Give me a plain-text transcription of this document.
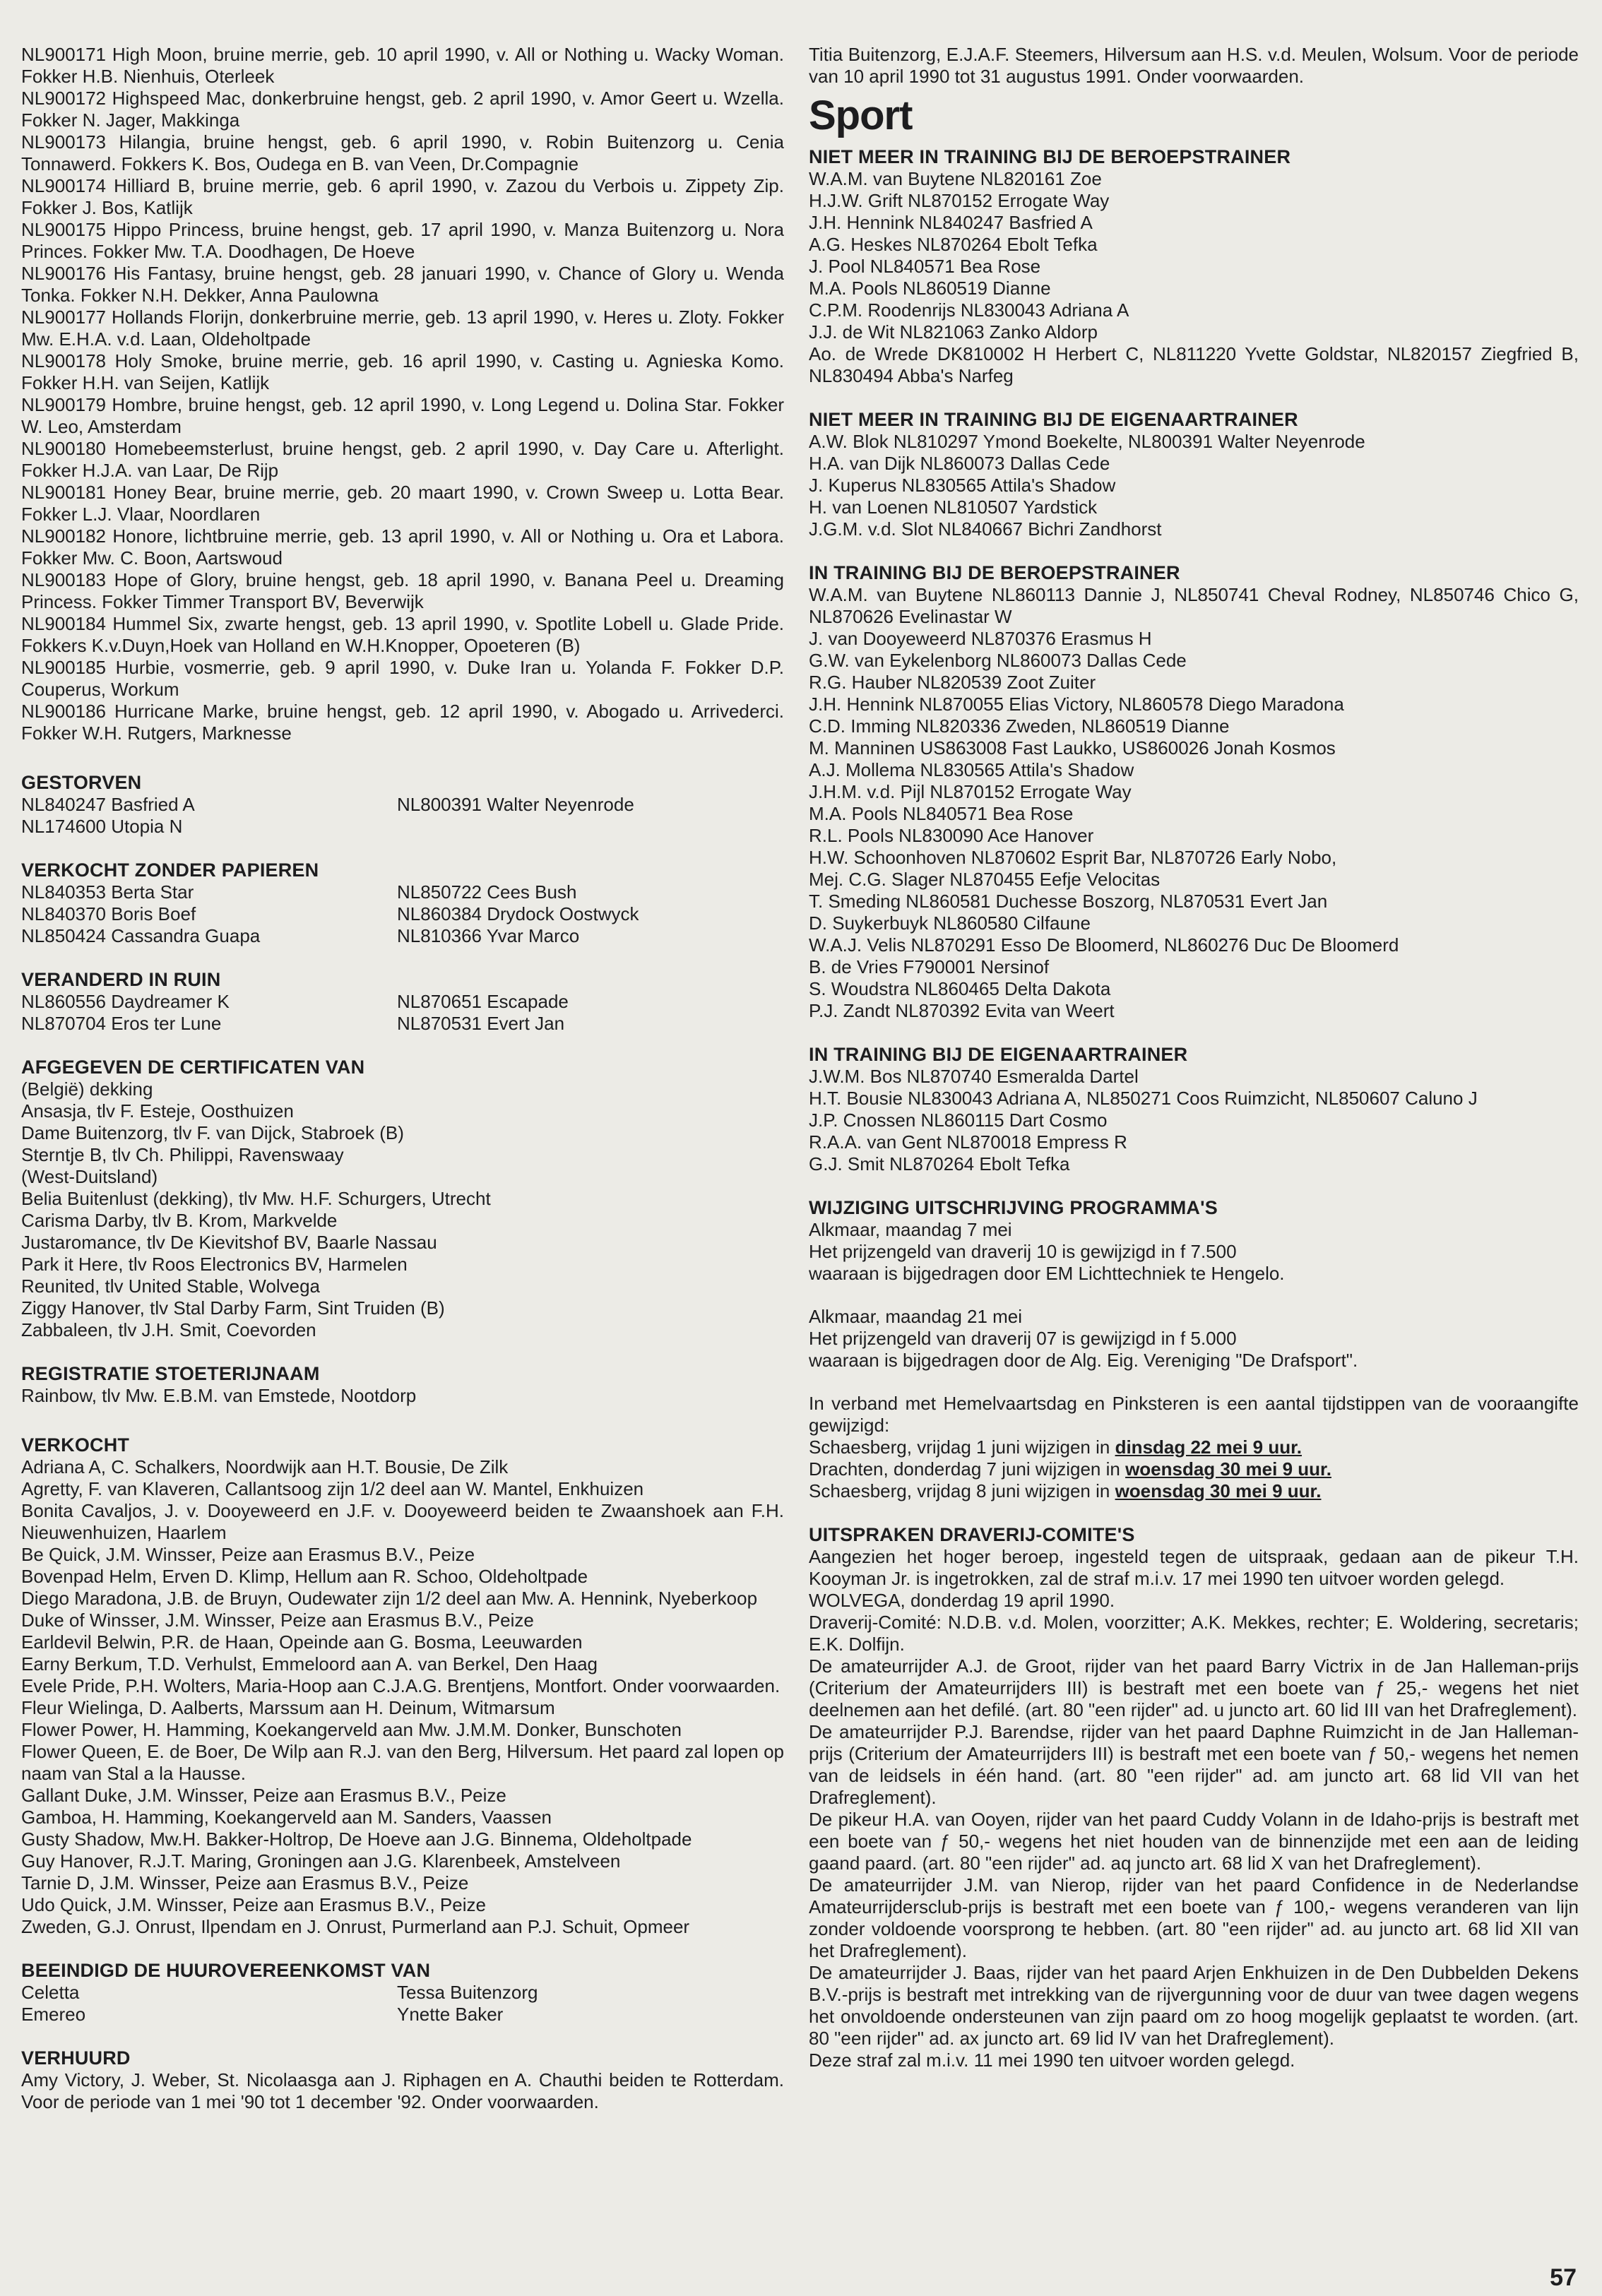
NL900171 High Moon, bruine merrie, geb. 10 april 1990, v. All or Nothing u. Wacky Woman. Fokker H.B. Nienhuis, Oterleek

NL900172 Highspeed Mac, donkerbruine hengst, geb. 2 april 1990, v. Amor Geert u. Wzella. Fokker N. Jager, Makkinga

NL900173 Hilangia, bruine hengst, geb. 6 april 1990, v. Robin Buitenzorg u. Cenia Tonnawerd. Fokkers K. Bos, Oudega en B. van Veen, Dr.Compagnie

NL900174 Hilliard B, bruine merrie, geb. 6 april 1990, v. Zazou du Verbois u. Zippety Zip. Fokker J. Bos, Katlijk

NL900175 Hippo Princess, bruine hengst, geb. 17 april 1990, v. Manza Buitenzorg u. Nora Princes. Fokker Mw. T.A. Doodhagen, De Hoeve

NL900176 His Fantasy, bruine hengst, geb. 28 januari 1990, v. Chance of Glory u. Wenda Tonka. Fokker N.H. Dekker, Anna Paulowna

NL900177 Hollands Florijn, donkerbruine merrie, geb. 13 april 1990, v. Heres u. Zloty. Fokker Mw. E.H.A. v.d. Laan, Oldeholtpade

NL900178 Holy Smoke, bruine merrie, geb. 16 april 1990, v. Casting u. Agnieska Komo. Fokker H.H. van Seijen, Katlijk

NL900179 Hombre, bruine hengst, geb. 12 april 1990, v. Long Legend u. Dolina Star. Fokker W. Leo, Amsterdam

NL900180 Homebeemsterlust, bruine hengst, geb. 2 april 1990, v. Day Care u. Afterlight. Fokker H.J.A. van Laar, De Rijp

NL900181 Honey Bear, bruine merrie, geb. 20 maart 1990, v. Crown Sweep u. Lotta Bear. Fokker L.J. Vlaar, Noordlaren

NL900182 Honore, lichtbruine merrie, geb. 13 april 1990, v. All or Nothing u. Ora et Labora. Fokker Mw. C. Boon, Aartswoud

NL900183 Hope of Glory, bruine hengst, geb. 18 april 1990, v. Banana Peel u. Dreaming Princess. Fokker Timmer Transport BV, Beverwijk

NL900184 Hummel Six, zwarte hengst, geb. 13 april 1990, v. Spotlite Lobell u. Glade Pride. Fokkers K.v.Duyn,Hoek van Holland en W.H.Knopper, Opoeteren (B)

NL900185 Hurbie, vosmerrie, geb. 9 april 1990, v. Duke Iran u. Yolanda F. Fokker D.P. Couperus, Workum

NL900186 Hurricane Marke, bruine hengst, geb. 12 april 1990, v. Abogado u. Arrivederci. Fokker W.H. Rutgers, Marknesse

GESTORVEN

NL840247 Basfried A

NL174600 Utopia N

NL800391 Walter Neyenrode

VERKOCHT ZONDER PAPIEREN

NL840353 Berta Star

NL840370 Boris Boef

NL850424 Cassandra Guapa

NL850722 Cees Bush

NL860384 Drydock Oostwyck

NL810366 Yvar Marco

VERANDERD IN RUIN

NL860556 Daydreamer K

NL870704 Eros ter Lune

NL870651 Escapade

NL870531 Evert Jan

AFGEGEVEN DE CERTIFICATEN VAN

(België) dekking

Ansasja, tlv F. Esteje, Oosthuizen

Dame Buitenzorg, tlv F. van Dijck, Stabroek (B)

Sterntje B, tlv Ch. Philippi, Ravenswaay

(West-Duitsland)

Belia Buitenlust (dekking), tlv Mw. H.F. Schurgers, Utrecht

Carisma Darby, tlv B. Krom, Markvelde

Justaromance, tlv De Kievitshof BV, Baarle Nassau

Park it Here, tlv Roos Electronics BV, Harmelen

Reunited, tlv United Stable, Wolvega

Ziggy Hanover, tlv Stal Darby Farm, Sint Truiden (B)

Zabbaleen, tlv J.H. Smit, Coevorden

REGISTRATIE STOETERIJNAAM

Rainbow, tlv Mw. E.B.M. van Emstede, Nootdorp

VERKOCHT

Adriana A, C. Schalkers, Noordwijk aan H.T. Bousie, De Zilk

Agretty, F. van Klaveren, Callantsoog zijn 1/2 deel aan W. Mantel, Enkhuizen

Bonita Cavaljos, J. v. Dooyeweerd en J.F. v. Dooyeweerd beiden te Zwaanshoek aan F.H. Nieuwenhuizen, Haarlem

Be Quick, J.M. Winsser, Peize aan Erasmus B.V., Peize

Bovenpad Helm, Erven D. Klimp, Hellum aan R. Schoo, Oldeholtpade

Diego Maradona, J.B. de Bruyn, Oudewater zijn 1/2 deel aan Mw. A. Hennink, Nyeberkoop

Duke of Winsser, J.M. Winsser, Peize aan Erasmus B.V., Peize

Earldevil Belwin, P.R. de Haan, Opeinde aan G. Bosma, Leeuwarden

Earny Berkum, T.D. Verhulst, Emmeloord aan A. van Berkel, Den Haag

Evele Pride, P.H. Wolters, Maria-Hoop aan C.J.A.G. Brentjens, Montfort. Onder voorwaarden.

Fleur Wielinga, D. Aalberts, Marssum aan H. Deinum, Witmarsum

Flower Power, H. Hamming, Koekangerveld aan Mw. J.M.M. Donker, Bunschoten

Flower Queen, E. de Boer, De Wilp aan R.J. van den Berg, Hilversum. Het paard zal lopen op naam van Stal a la Hausse.

Gallant Duke, J.M. Winsser, Peize aan Erasmus B.V., Peize

Gamboa, H. Hamming, Koekangerveld aan M. Sanders, Vaassen

Gusty Shadow, Mw.H. Bakker-Holtrop, De Hoeve aan J.G. Binnema, Oldeholtpade

Guy Hanover, R.J.T. Maring, Groningen aan J.G. Klarenbeek, Amstelveen

Tarnie D, J.M. Winsser, Peize aan Erasmus B.V., Peize

Udo Quick, J.M. Winsser, Peize aan Erasmus B.V., Peize

Zweden, G.J. Onrust, Ilpendam en J. Onrust, Purmerland aan P.J. Schuit, Opmeer

BEEINDIGD DE HUUROVEREENKOMST VAN

Celetta

Emereo

Tessa Buitenzorg

Ynette Baker

VERHUURD

Amy Victory, J. Weber, St. Nicolaasga aan J. Riphagen en A. Chauthi beiden te Rotterdam. Voor de periode van 1 mei '90 tot 1 december '92. Onder voorwaarden.

Titia Buitenzorg, E.J.A.F. Steemers, Hilversum aan H.S. v.d. Meulen, Wolsum. Voor de periode van 10 april 1990 tot 31 augustus 1991. Onder voorwaarden.

Sport

NIET MEER IN TRAINING BIJ DE BEROEPSTRAINER

W.A.M. van Buytene NL820161 Zoe

H.J.W. Grift NL870152 Errogate Way

J.H. Hennink NL840247 Basfried A

A.G. Heskes NL870264 Ebolt Tefka

J. Pool NL840571 Bea Rose

M.A. Pools NL860519 Dianne

C.P.M. Roodenrijs NL830043 Adriana A

J.J. de Wit NL821063 Zanko Aldorp

Ao. de Wrede DK810002 H Herbert C, NL811220 Yvette Goldstar, NL820157 Ziegfried B, NL830494 Abba's Narfeg

NIET MEER IN TRAINING BIJ DE EIGENAARTRAINER

A.W. Blok NL810297 Ymond Boekelte, NL800391 Walter Neyenrode

H.A. van Dijk NL860073 Dallas Cede

J. Kuperus NL830565 Attila's Shadow

H. van Loenen NL810507 Yardstick

J.G.M. v.d. Slot NL840667 Bichri Zandhorst

IN TRAINING BIJ DE BEROEPSTRAINER

W.A.M. van Buytene NL860113 Dannie J, NL850741 Cheval Rodney, NL850746 Chico G, NL870626 Evelinastar W

J. van Dooyeweerd NL870376 Erasmus H

G.W. van Eykelenborg NL860073 Dallas Cede

R.G. Hauber NL820539 Zoot Zuiter

J.H. Hennink NL870055 Elias Victory, NL860578 Diego Maradona

C.D. Imming NL820336 Zweden, NL860519 Dianne

M. Manninen US863008 Fast Laukko, US860026 Jonah Kosmos

A.J. Mollema NL830565 Attila's Shadow

J.H.M. v.d. Pijl NL870152 Errogate Way

M.A. Pools NL840571 Bea Rose

R.L. Pools NL830090 Ace Hanover

H.W. Schoonhoven NL870602 Esprit Bar, NL870726 Early Nobo,

Mej. C.G. Slager NL870455 Eefje Velocitas

T. Smeding NL860581 Duchesse Boszorg, NL870531 Evert Jan

D. Suykerbuyk NL860580 Cilfaune

W.A.J. Velis NL870291 Esso De Bloomerd, NL860276 Duc De Bloomerd

B. de Vries F790001 Nersinof

S. Woudstra NL860465 Delta Dakota

P.J. Zandt NL870392 Evita van Weert

IN TRAINING BIJ DE EIGENAARTRAINER

J.W.M. Bos NL870740 Esmeralda Dartel

H.T. Bousie NL830043 Adriana A, NL850271 Coos Ruimzicht, NL850607 Caluno J

J.P. Cnossen NL860115 Dart Cosmo

R.A.A. van Gent NL870018 Empress R

G.J. Smit NL870264 Ebolt Tefka

WIJZIGING UITSCHRIJVING PROGRAMMA'S

Alkmaar, maandag 7 mei

Het prijzengeld van draverij 10 is gewijzigd in f 7.500

waaraan is bijgedragen door EM Lichttechniek te Hengelo.

Alkmaar, maandag 21 mei

Het prijzengeld van draverij 07 is gewijzigd in f 5.000

waaraan is bijgedragen door de Alg. Eig. Vereniging "De Drafsport".

In verband met Hemelvaartsdag en Pinksteren is een aantal tijdstippen van de vooraangifte gewijzigd:

Schaesberg, vrijdag 1 juni wijzigen in dinsdag 22 mei 9 uur.

Drachten, donderdag 7 juni wijzigen in woensdag 30 mei 9 uur.

Schaesberg, vrijdag 8 juni wijzigen in woensdag 30 mei 9 uur.

UITSPRAKEN DRAVERIJ-COMITE'S

Aangezien het hoger beroep, ingesteld tegen de uitspraak, gedaan aan de pikeur T.H. Kooyman Jr. is ingetrokken, zal de straf m.i.v. 17 mei 1990 ten uitvoer worden gelegd.

WOLVEGA, donderdag 19 april 1990.

Draverij-Comité: N.D.B. v.d. Molen, voorzitter; A.K. Mekkes, rechter; E. Woldering, secretaris; E.K. Dolfijn.

De amateurrijder A.J. de Groot, rijder van het paard Barry Victrix in de Jan Halleman-prijs (Criterium der Amateurrijders III) is bestraft met een boete van ƒ 25,- wegens het niet deelnemen aan het defilé. (art. 80 "een rijder" ad. u juncto art. 60 lid III van het Drafreglement).

De amateurrijder P.J. Barendse, rijder van het paard Daphne Ruimzicht in de Jan Halleman-prijs (Criterium der Amateurrijders III) is bestraft met een boete van ƒ 50,- wegens het nemen van de leidsels in één hand. (art. 80 "een rijder" ad. am juncto art. 68 lid VII van het Drafreglement).

De pikeur H.A. van Ooyen, rijder van het paard Cuddy Volann in de Idaho-prijs is bestraft met een boete van ƒ 50,- wegens het niet houden van de binnenzijde met een aan de leiding gaand paard. (art. 80 "een rijder" ad. aq juncto art. 68 lid X van het Drafreglement).

De amateurrijder J.M. van Nierop, rijder van het paard Confidence in de Nederlandse Amateurrijdersclub-prijs is bestraft met een boete van ƒ 100,- wegens veranderen van lijn zonder voldoende voorsprong te hebben. (art. 80 "een rijder" ad. au juncto art. 68 lid XII van het Drafreglement).

De amateurrijder J. Baas, rijder van het paard Arjen Enkhuizen in de Den Dubbelden Dekens B.V.-prijs is bestraft met intrekking van de rijvergunning voor de duur van twee dagen wegens het onvoldoende ondersteunen van zijn paard om zo hoog mogelijk geplaatst te worden. (art. 80 "een rijder" ad. ax juncto art. 69 lid IV van het Drafreglement).

Deze straf zal m.i.v. 11 mei 1990 ten uitvoer worden gelegd.

57
